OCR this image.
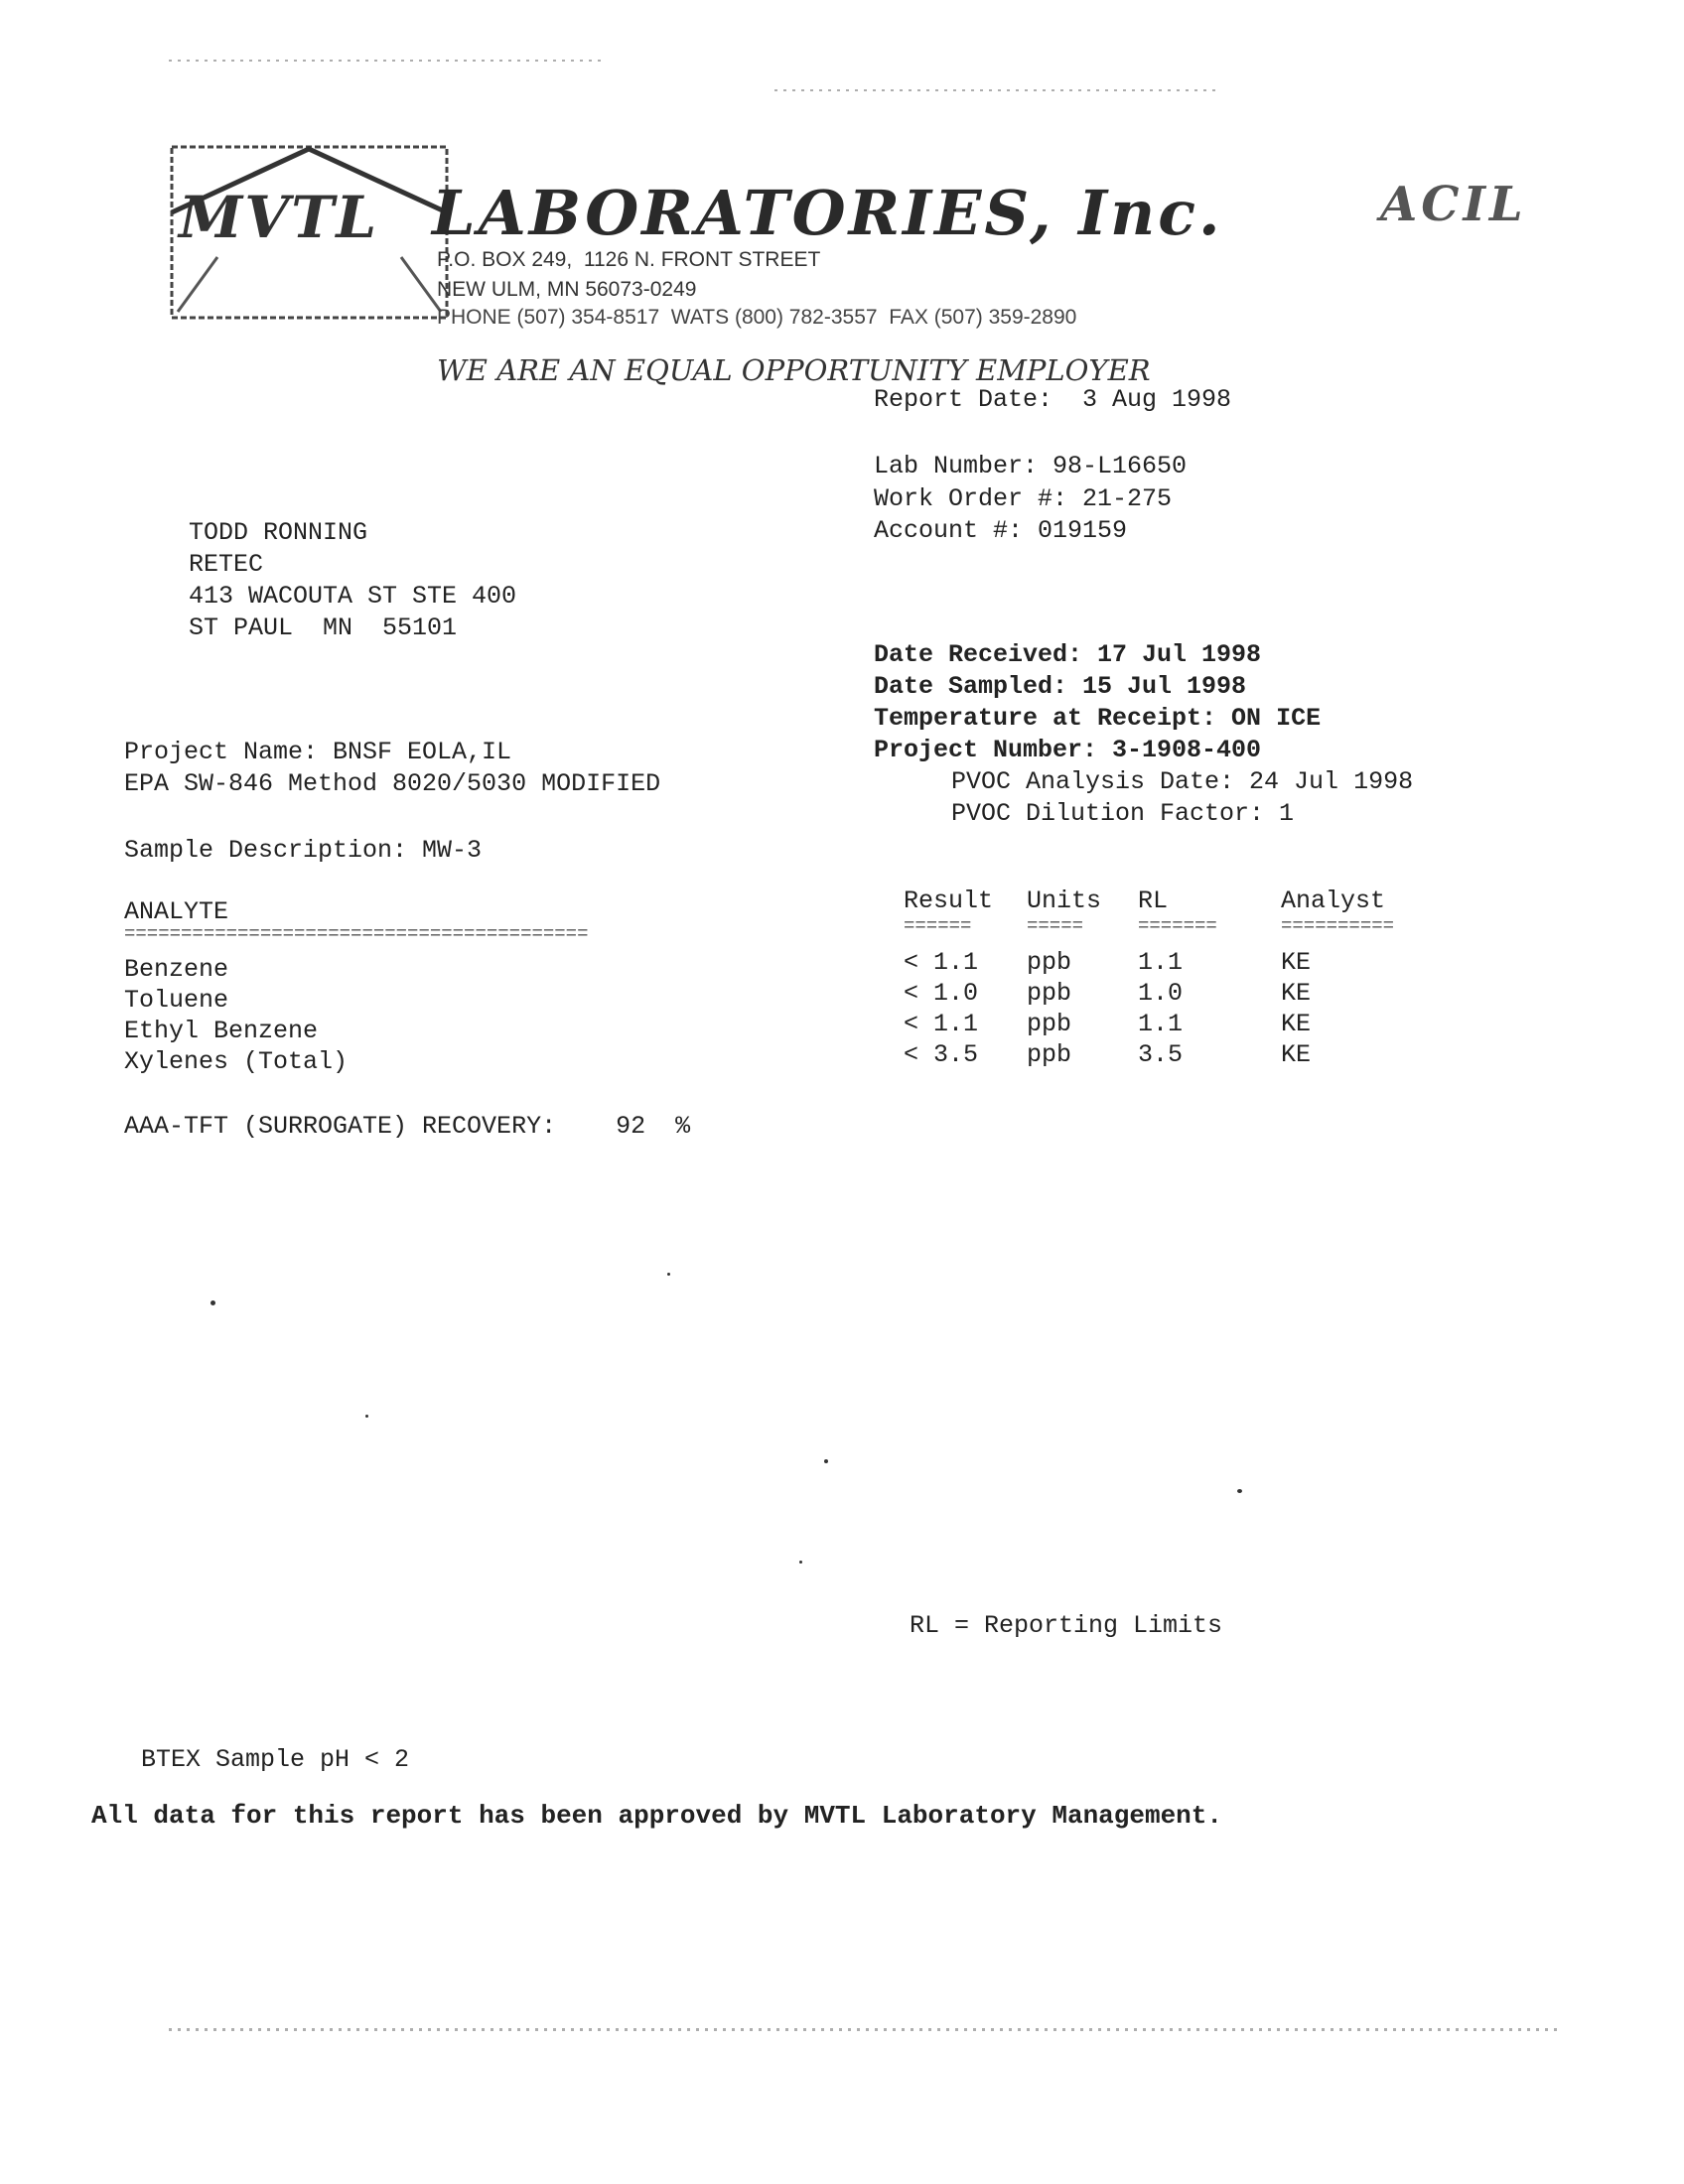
MVTL

LABORATORIES, Inc.	ACIL
P.O. BOX 249,  1126 N. FRONT STREET
NEW ULM, MN 56073-0249
PHONE (507) 354-8517  WATS (800) 782-3557  FAX (507) 359-2890
WE ARE AN EQUAL OPPORTUNITY EMPLOYER
Report Date:  3 Aug 1998
Lab Number: 98-L16650
Work Order #: 21-275
Account #: 019159
Date Received: 17 Jul 1998
Date Sampled: 15 Jul 1998
Temperature at Receipt: ON ICE
Project Number: 3-1908-400
PVOC Analysis Date: 24 Jul 1998
PVOC Dilution Factor: 1
TODD RONNING
RETEC
413 WACOUTA ST STE 400
ST PAUL  MN  55101
Project Name: BNSF EOLA,IL
EPA SW-846 Method 8020/5030 MODIFIED
Sample Description: MW-3
ANALYTE
=========================================
Result	Units	RL	Analyst
======	=====	=======	==========
Benzene	< 1.1	ppb	1.1	KE
Toluene	< 1.0	ppb	1.0	KE
Ethyl Benzene	< 1.1	ppb	1.1	KE
Xylenes (Total)	< 3.5	ppb	3.5	KE
AAA-TFT (SURROGATE) RECOVERY:    92  %
RL = Reporting Limits
BTEX Sample pH < 2
All data for this report has been approved by MVTL Laboratory Management.
